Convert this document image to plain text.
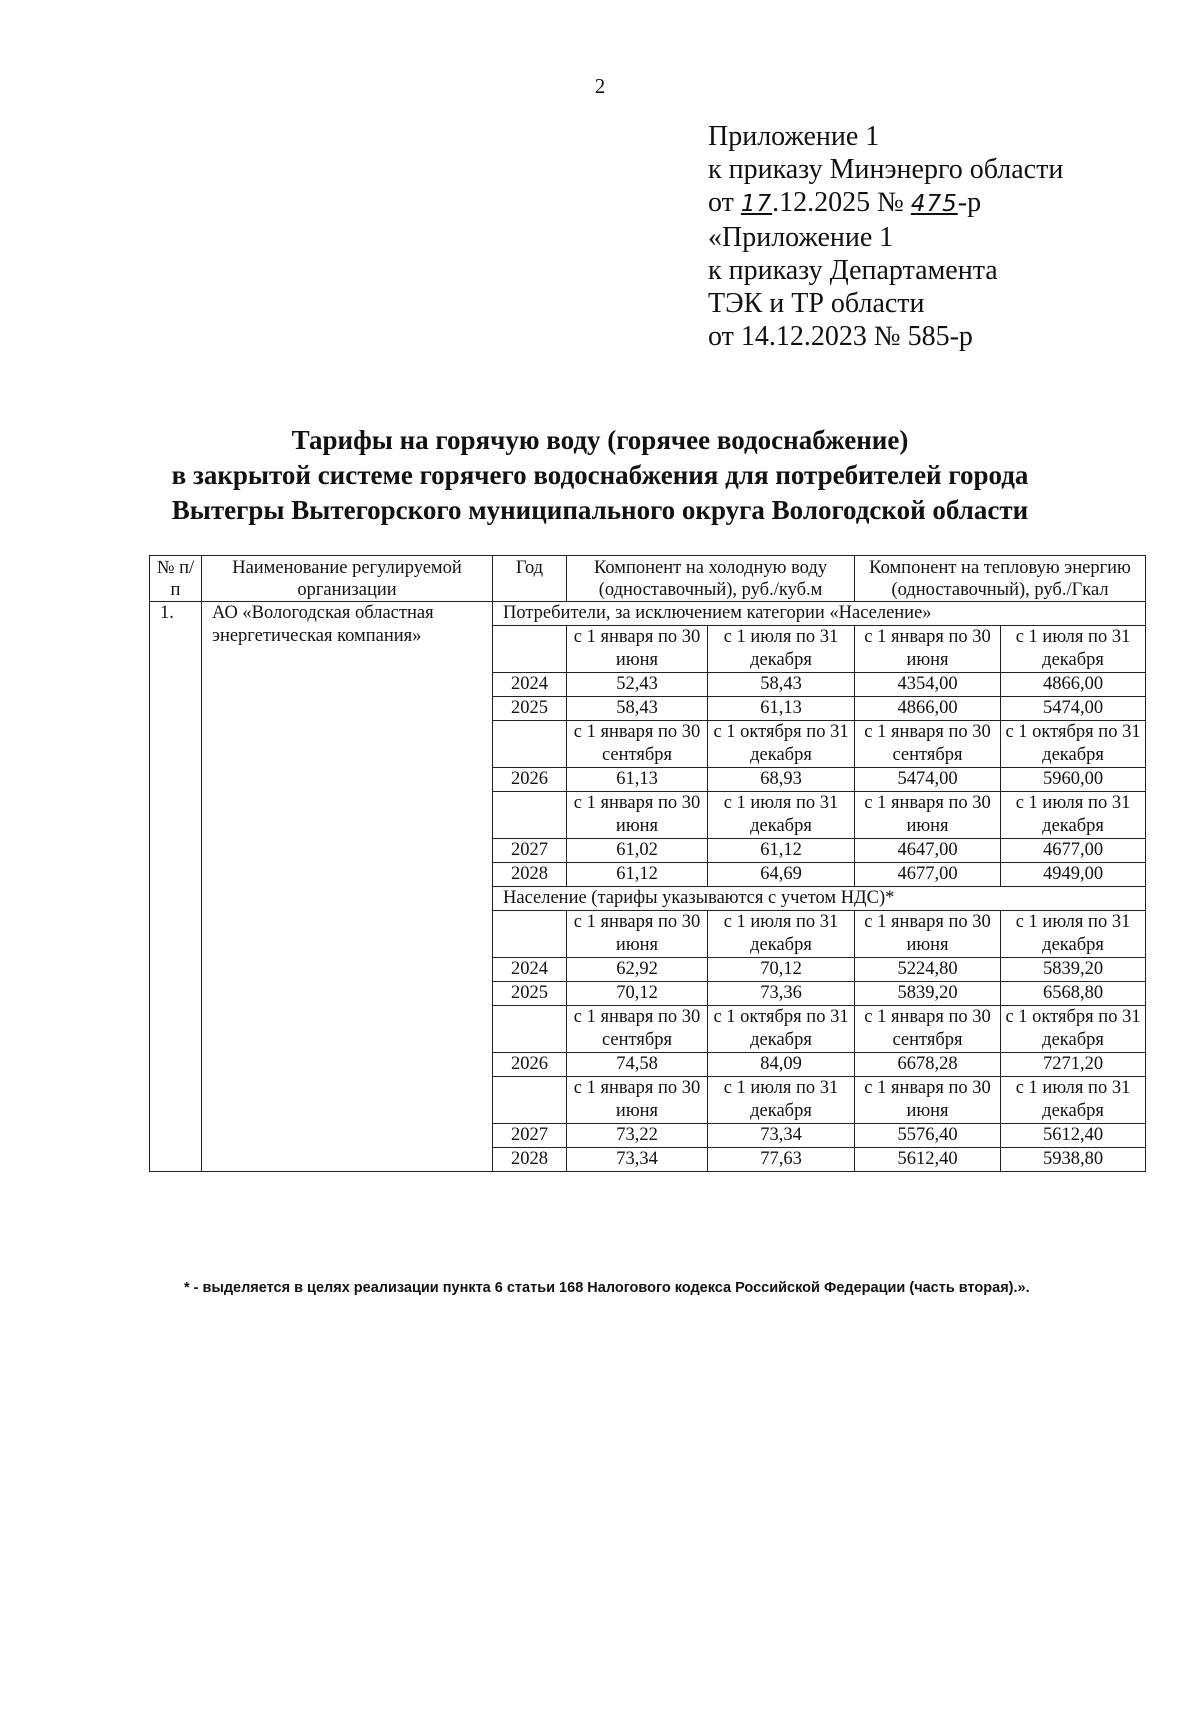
2
Приложение 1
к приказу Минэнерго области
от 17.12.2025 № 475-р
«Приложение 1
к приказу Департамента
ТЭК и ТР области
от 14.12.2023 № 585-р
Тарифы на горячую воду (горячее водоснабжение)
в закрытой системе горячего водоснабжения для потребителей города
Вытегры Вытегорского муниципального округа Вологодской области
№ п/п	Наименование регулируемой организации	Год	Компонент на холодную воду (одноставочный), руб./куб.м		Компонент на тепловую энергию (одноставочный), руб./Гкал	
1.	АО «Вологодская областная энергетическая компания»	Потребители, за исключением категории «Население»				
			с 1 января по 30 июня	с 1 июля по 31 декабря	с 1 января по 30 июня	с 1 июля по 31 декабря
		2024	52,43	58,43	4354,00	4866,00
		2025	58,43	61,13	4866,00	5474,00
			с 1 января по 30 сентября	с 1 октября по 31 декабря	с 1 января по 30 сентября	с 1 октября по 31 декабря
		2026	61,13	68,93	5474,00	5960,00
			с 1 января по 30 июня	с 1 июля по 31 декабря	с 1 января по 30 июня	с 1 июля по 31 декабря
		2027	61,02	61,12	4647,00	4677,00
		2028	61,12	64,69	4677,00	4949,00
		Население (тарифы указываются с учетом НДС)*				
			с 1 января по 30 июня	с 1 июля по 31 декабря	с 1 января по 30 июня	с 1 июля по 31 декабря
		2024	62,92	70,12	5224,80	5839,20
		2025	70,12	73,36	5839,20	6568,80
			с 1 января по 30 сентября	с 1 октября по 31 декабря	с 1 января по 30 сентября	с 1 октября по 31 декабря
		2026	74,58	84,09	6678,28	7271,20
			с 1 января по 30 июня	с 1 июля по 31 декабря	с 1 января по 30 июня	с 1 июля по 31 декабря
		2027	73,22	73,34	5576,40	5612,40
		2028	73,34	77,63	5612,40	5938,80
* - выделяется в целях реализации пункта 6 статьи 168 Налогового кодекса Российской Федерации (часть вторая).».
